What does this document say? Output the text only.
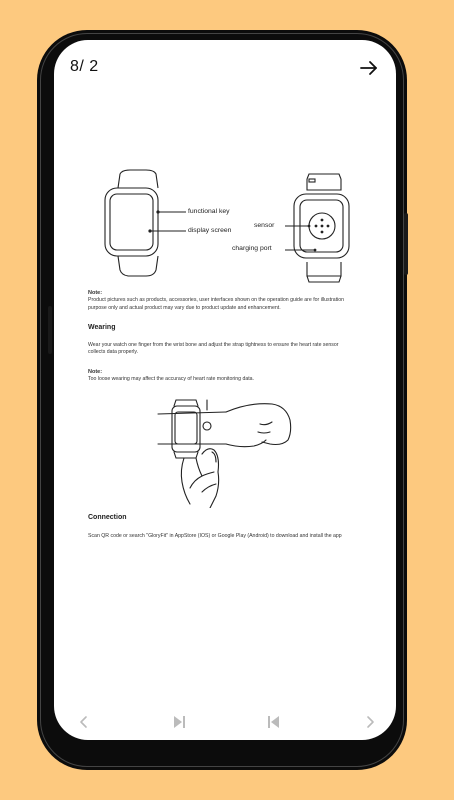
functional key
display screen
sensor
charging port
Note:
Product pictures such as products, accessories, user interfaces shown on the operation guide are for illustration
purpose only and actual product may vary due to product update and enhancement.
Wearing
Wear your watch one finger from the wrist bone and adjust the strap tightness to ensure the heart rate sensor
collects data properly.
Note:
Too loose wearing may affect the accuracy of heart rate monitoring data.
Connection
Scan QR code or search "GloryFit" in AppStore (IOS) or Google Play (Android) to download and install the app
8/ 2
